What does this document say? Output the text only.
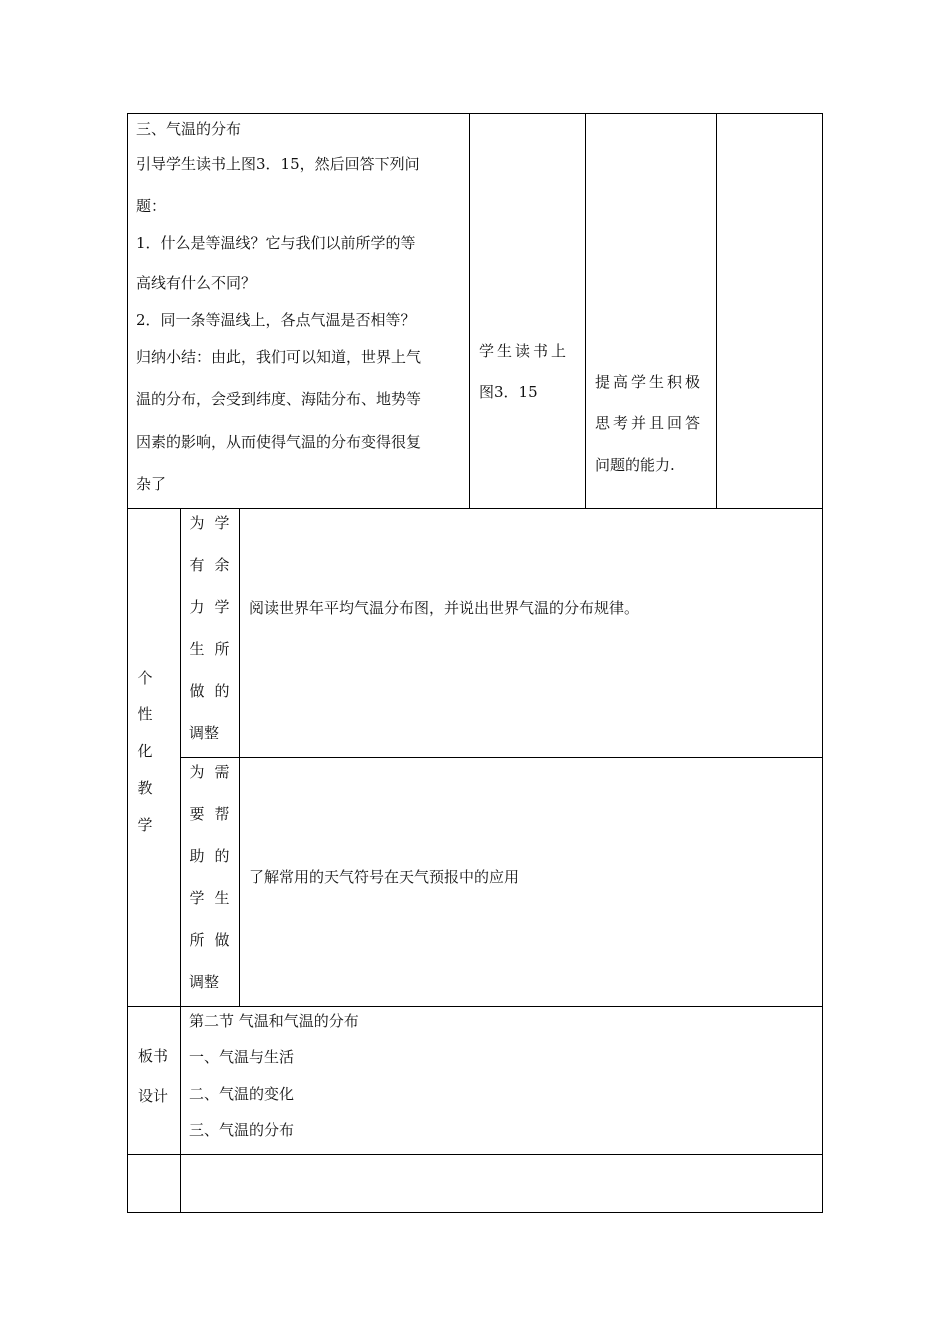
三、气温的分布
引导学生读书上图3．15，然后回答下列问
题：
1．什么是等温线？它与我们以前所学的等
高线有什么不同？
2．同一条等温线上，各点气温是否相等？
归纳小结：由此，我们可以知道，世界上气
温的分布，会受到纬度、海陆分布、地势等
因素的影响，从而使得气温的分布变得很复
杂了
学生读书上
图3．15
提高学生积极
思考并且回答
问题的能力.
个
性
化
教
学
为 学
有 余
力 学
生 所
做 的
调整
阅读世界年平均气温分布图，并说出世界气温的分布规律。
为 需
要 帮
助 的
学 生
所 做
调整
了解常用的天气符号在天气预报中的应用
板书
设计
第二节 气温和气温的分布
一、气温与生活
二、气温的变化
三、气温的分布
